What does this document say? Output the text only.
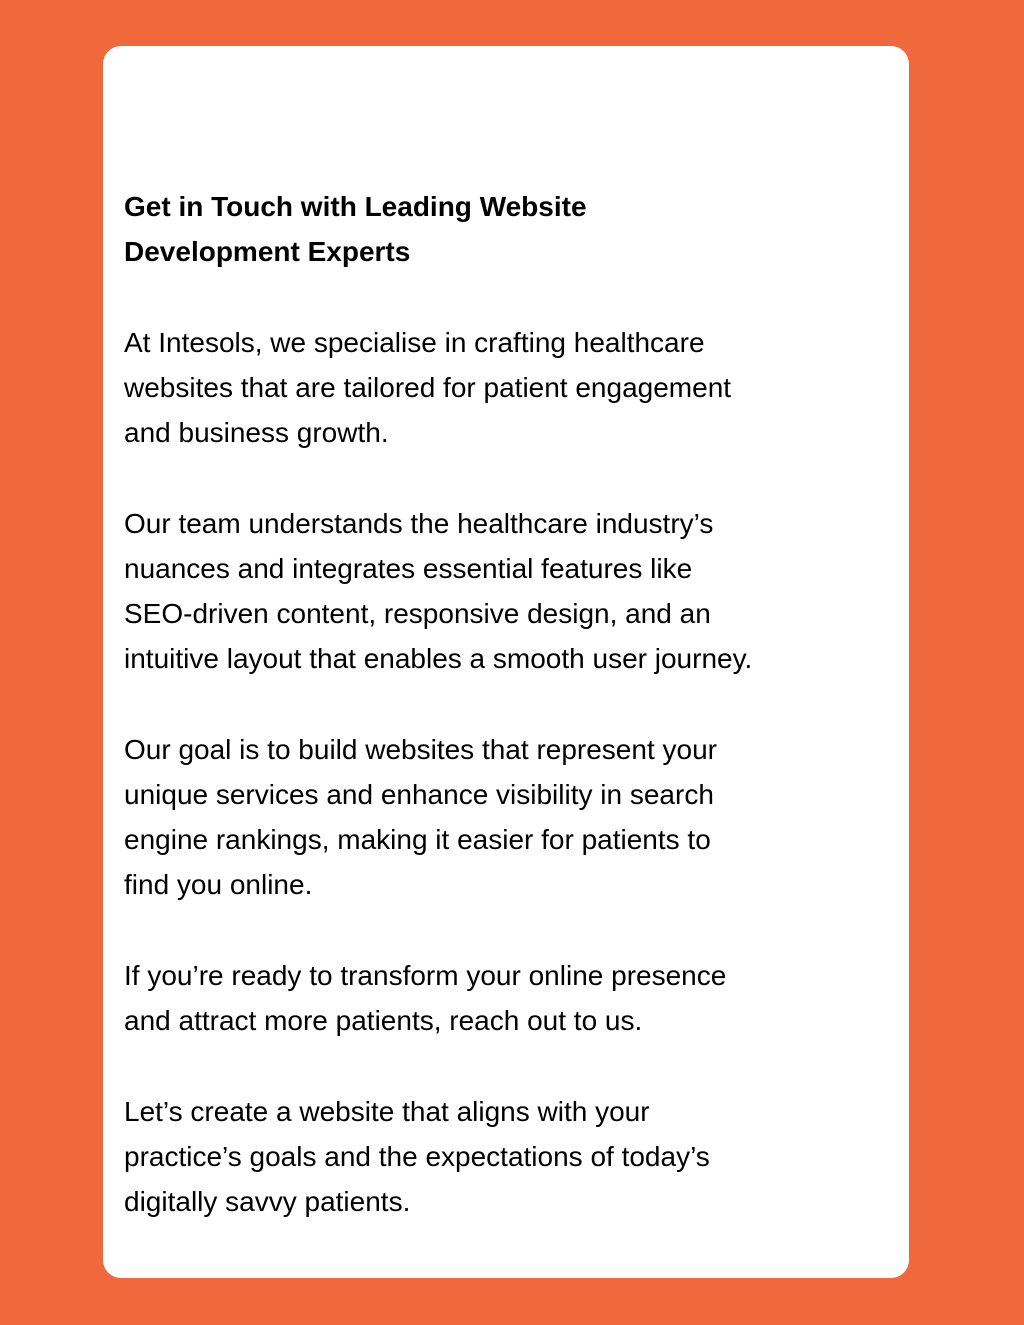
Get in Touch with Leading Website
Development Experts

At Intesols, we specialise in crafting healthcare
websites that are tailored for patient engagement
and business growth.

Our team understands the healthcare industry’s
nuances and integrates essential features like
SEO-driven content, responsive design, and an
intuitive layout that enables a smooth user journey.

Our goal is to build websites that represent your
unique services and enhance visibility in search
engine rankings, making it easier for patients to
find you online.

If you’re ready to transform your online presence
and attract more patients, reach out to us.

Let’s create a website that aligns with your
practice’s goals and the expectations of today’s
digitally savvy patients.
